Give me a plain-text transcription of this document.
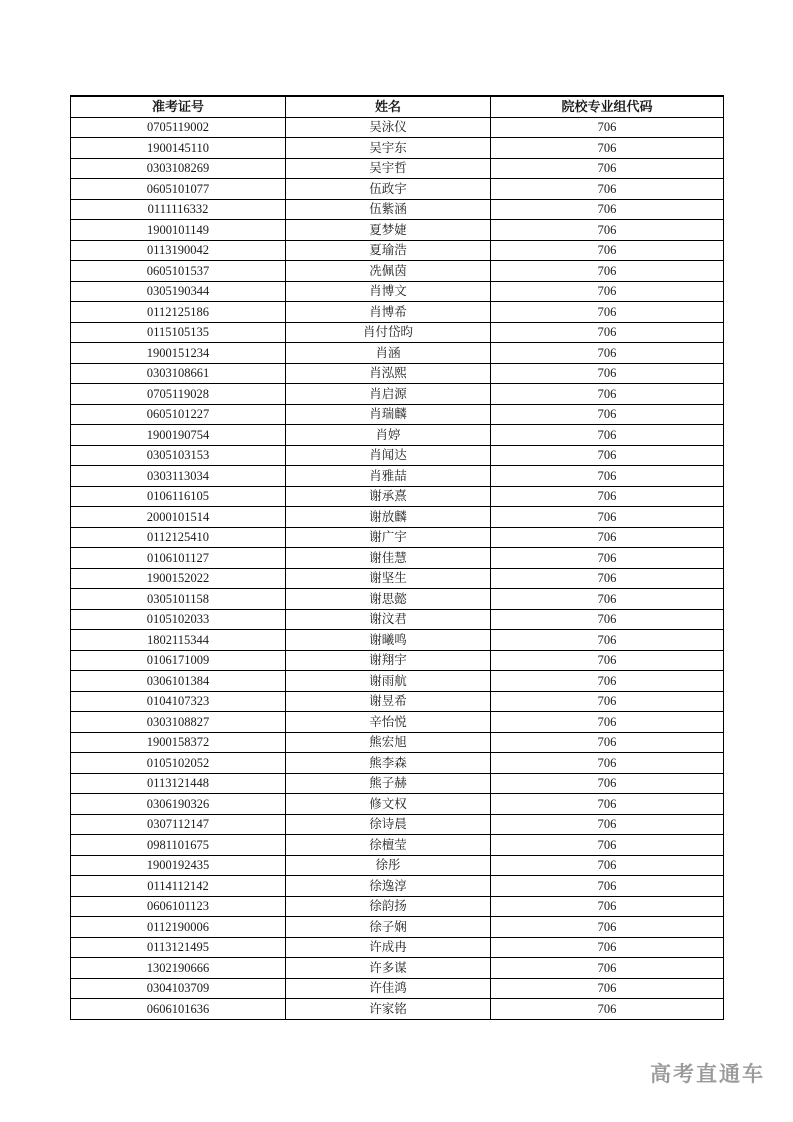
准考证号	姓名	院校专业组代码
0705119002	吴泳仪	706
1900145110	吴宇东	706
0303108269	吴宇哲	706
0605101077	伍政宇	706
0111116332	伍紫涵	706
1900101149	夏梦婕	706
0113190042	夏瑜浩	706
0605101537	冼佩茵	706
0305190344	肖博文	706
0112125186	肖博希	706
0115105135	肖付岱昀	706
1900151234	肖涵	706
0303108661	肖泓熙	706
0705119028	肖启源	706
0605101227	肖瑞麟	706
1900190754	肖婷	706
0305103153	肖闻达	706
0303113034	肖雅喆	706
0106116105	谢承熹	706
2000101514	谢放麟	706
0112125410	谢广宇	706
0106101127	谢佳慧	706
1900152022	谢坚生	706
0305101158	谢思懿	706
0105102033	谢汶君	706
1802115344	谢曦鸣	706
0106171009	谢翔宇	706
0306101384	谢雨航	706
0104107323	谢昱希	706
0303108827	辛怡悦	706
1900158372	熊宏旭	706
0105102052	熊李森	706
0113121448	熊子赫	706
0306190326	修文权	706
0307112147	徐诗晨	706
0981101675	徐檀莹	706
1900192435	徐彤	706
0114112142	徐逸淳	706
0606101123	徐韵扬	706
0112190006	徐子娴	706
0113121495	许成冉	706
1302190666	许多谋	706
0304103709	许佳鸿	706
0606101636	许家铭	706
高考直通车
